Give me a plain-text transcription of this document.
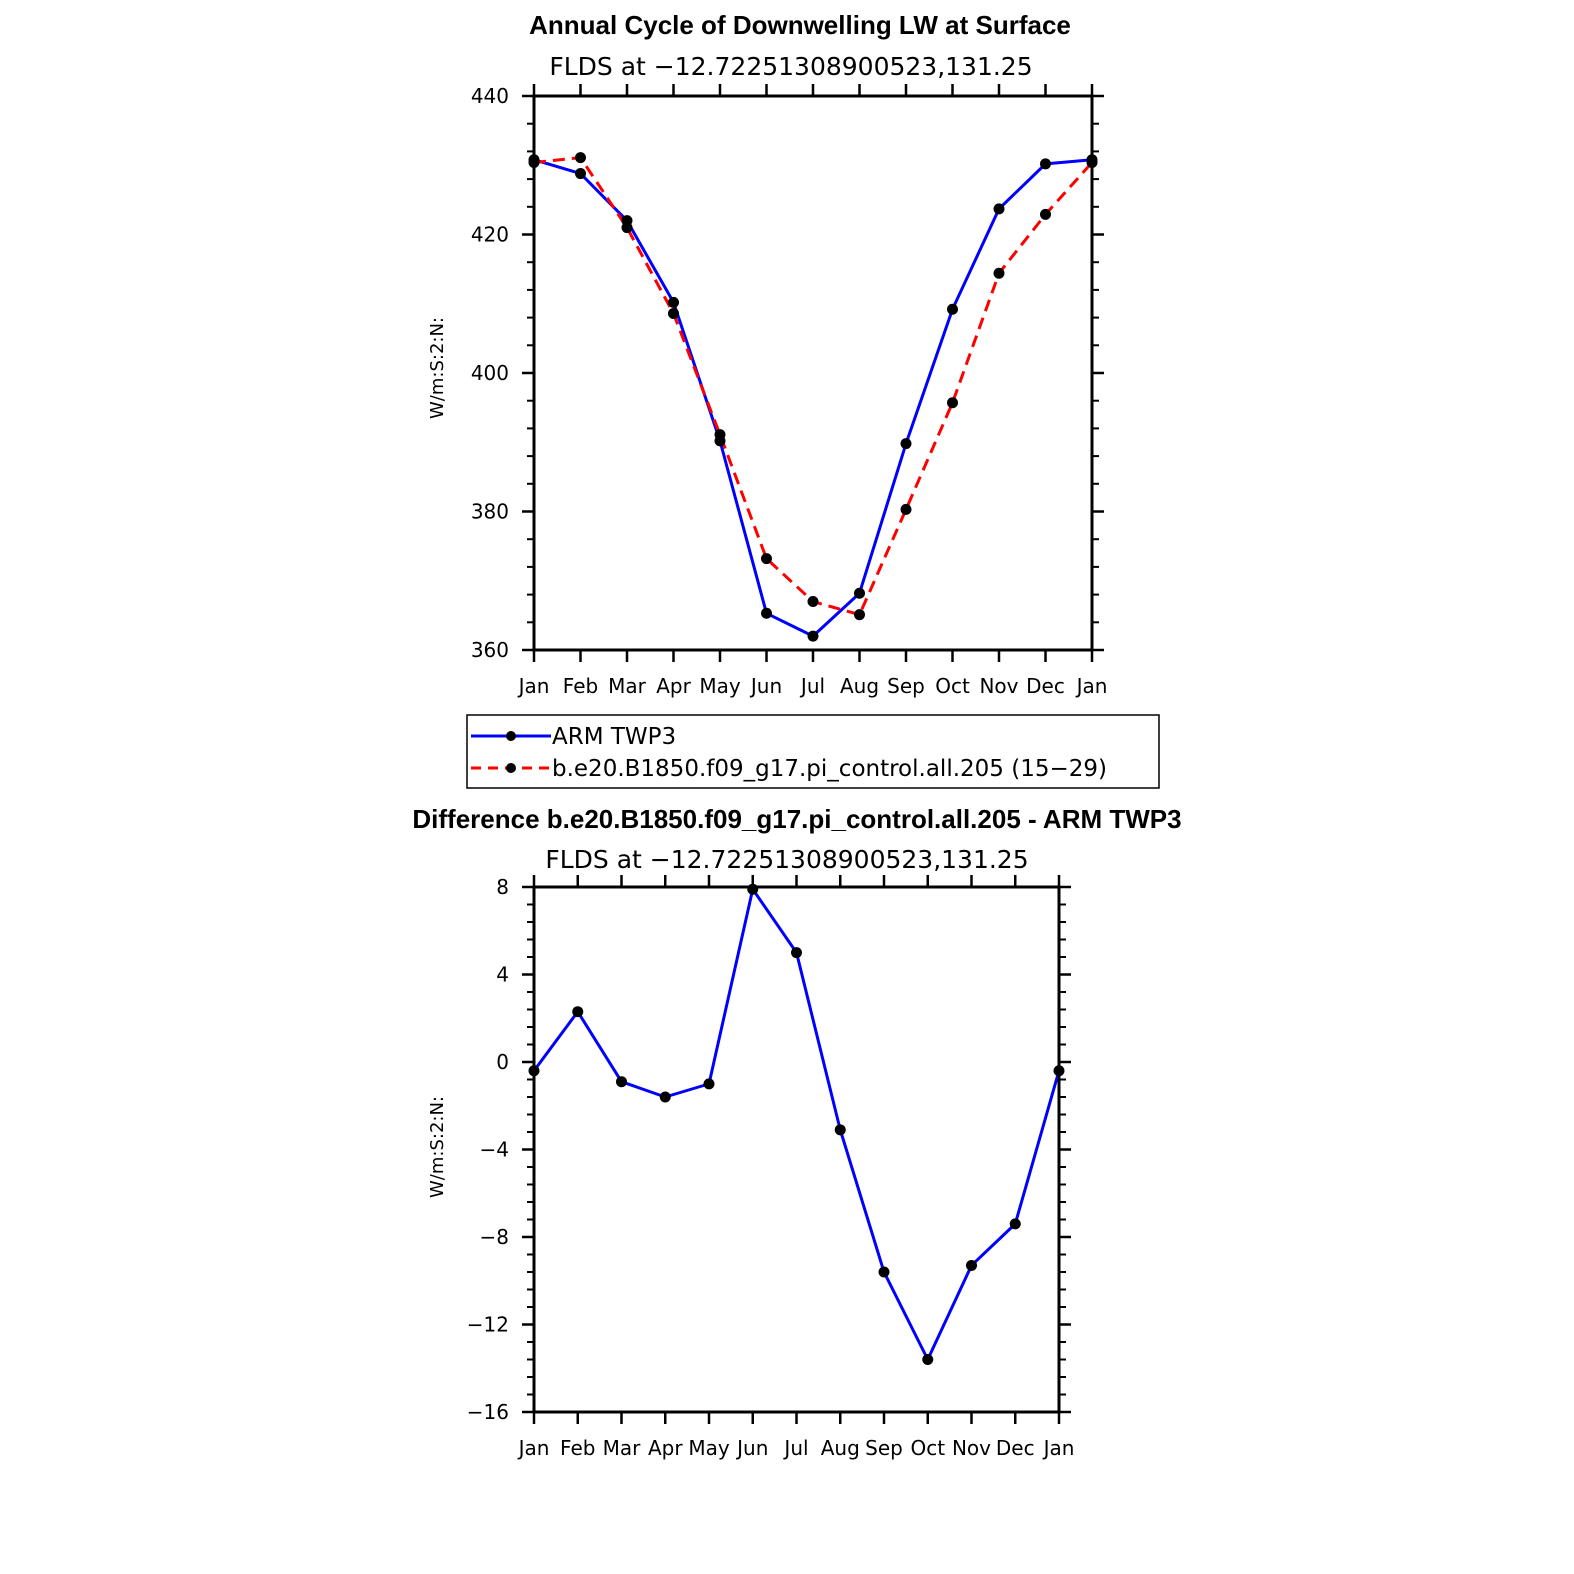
Annual Cycle of Downwelling LW at Surface
FLDS at −12.72251308900523,131.25
W/m:S:2:N:
440
420
400
380
360
Jan Feb Mar Apr May Jun Jul Aug Sep Oct Nov Dec Jan
ARM TWP3
b.e20.B1850.f09_g17.pi_control.all.205 (15−29)
Difference b.e20.B1850.f09_g17.pi_control.all.205 - ARM TWP3
FLDS at −12.72251308900523,131.25
W/m:S:2:N:
8
4
0
−4
−8
−12
−16
Jan Feb Mar Apr May Jun Jul Aug Sep Oct Nov Dec Jan
